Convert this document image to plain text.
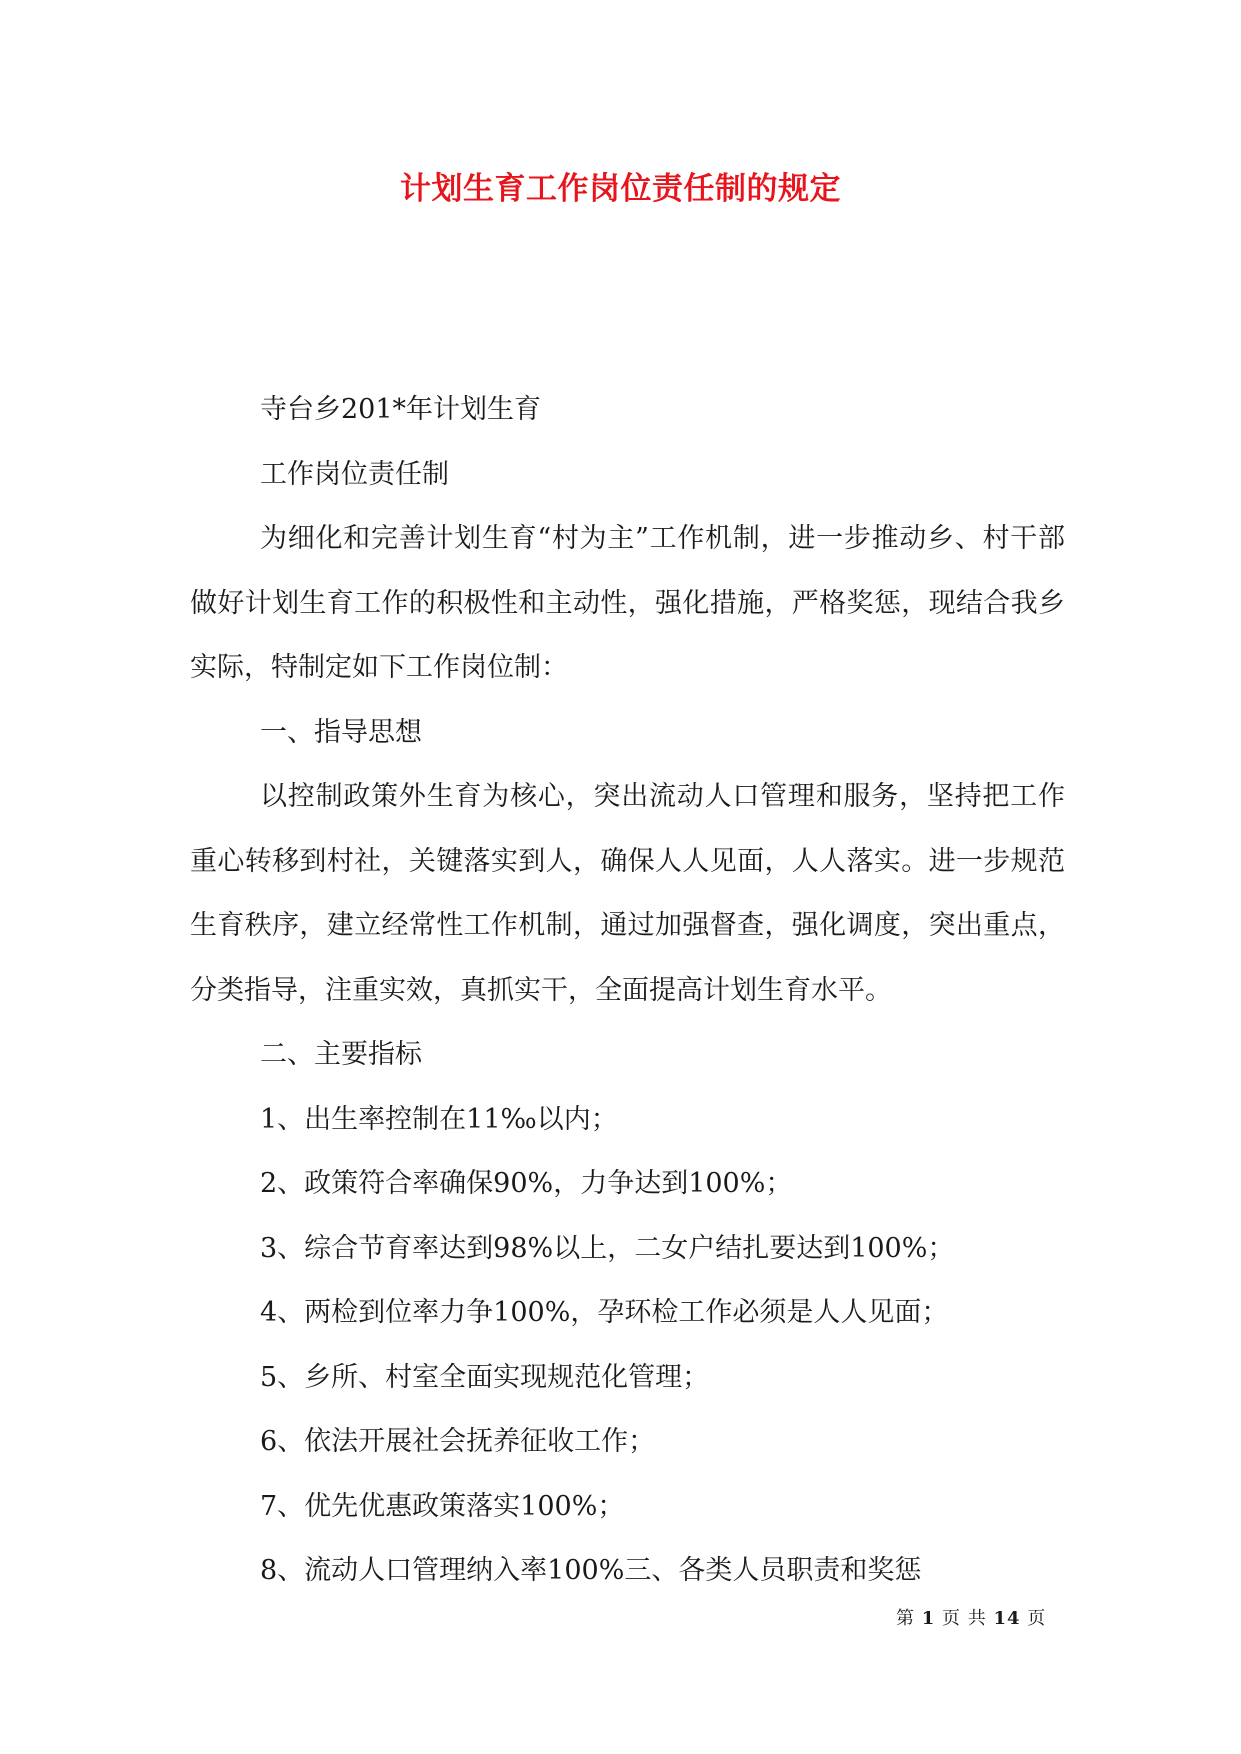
计划生育工作岗位责任制的规定

寺台乡201*年计划生育

工作岗位责任制

为细化和完善计划生育“村为主”工作机制，进一步推动乡、村干部做好计划生育工作的积极性和主动性，强化措施，严格奖惩，现结合我乡实际，特制定如下工作岗位制：

一、指导思想

以控制政策外生育为核心，突出流动人口管理和服务，坚持把工作重心转移到村社，关键落实到人，确保人人见面，人人落实。进一步规范生育秩序，建立经常性工作机制，通过加强督查，强化调度，突出重点，分类指导，注重实效，真抓实干，全面提高计划生育水平。

二、主要指标

1、出生率控制在11‰以内；

2、政策符合率确保90%，力争达到100%；

3、综合节育率达到98%以上，二女户结扎要达到100%；

4、两检到位率力争100%，孕环检工作必须是人人见面；

5、乡所、村室全面实现规范化管理；

6、依法开展社会抚养征收工作；

7、优先优惠政策落实100%；

8、流动人口管理纳入率100%三、各类人员职责和奖惩

第 1 页 共 14 页
